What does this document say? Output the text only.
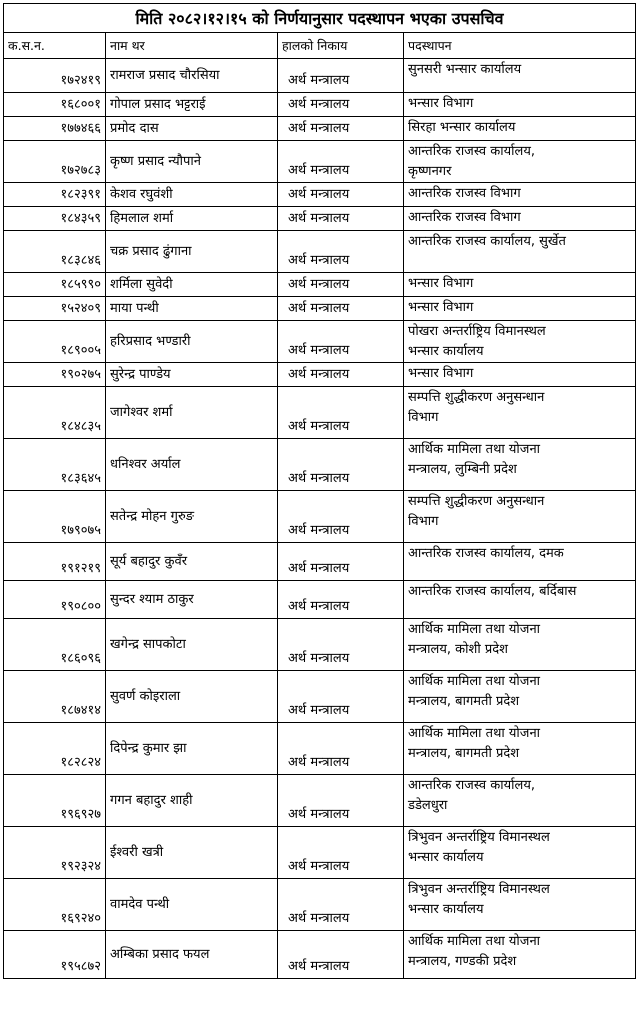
मिति २०८२।१२।१५ को निर्णयानुसार पदस्थापन भएका उपसचिव			
क.स.न.	नाम थर	हालको निकाय	पदस्थापन
१७२४१९	रामराज प्रसाद चौरसिया	अर्थ मन्त्रालय	सुनसरी भन्सार कार्यालय

१६८००१	गोपाल प्रसाद भट्टराई	अर्थ मन्त्रालय	भन्सार विभाग

१७७४६६	प्रमोद दास	अर्थ मन्त्रालय	सिरहा भन्सार कार्यालय

१७२७८३	कृष्ण प्रसाद न्यौपाने	अर्थ मन्त्रालय	आन्तरिक राजस्व कार्यालय,
कृष्णनगर

१८२३९१	केशव रघुवंशी	अर्थ मन्त्रालय	आन्तरिक राजस्व विभाग

१८४३५९	हिमलाल शर्मा	अर्थ मन्त्रालय	आन्तरिक राजस्व विभाग

१८३८४६	चक्र प्रसाद ढुंगाना	अर्थ मन्त्रालय	आन्तरिक राजस्व कार्यालय, सुर्खेत

१८५९९०	शर्मिला सुवेदी	अर्थ मन्त्रालय	भन्सार विभाग

१५२४०९	माया पन्थी	अर्थ मन्त्रालय	भन्सार विभाग

१८९००५	हरिप्रसाद भण्डारी	अर्थ मन्त्रालय	पोखरा अन्तर्राष्ट्रिय विमानस्थल
भन्सार कार्यालय

१९०२७५	सुरेन्द्र पाण्डेय	अर्थ मन्त्रालय	भन्सार विभाग

१८४८३५	जागेश्वर शर्मा	अर्थ मन्त्रालय	सम्पत्ति शुद्धीकरण अनुसन्धान
विभाग

१८३६४५	धनिश्वर अर्याल	अर्थ मन्त्रालय	आर्थिक मामिला तथा योजना
मन्त्रालय, लुम्बिनी प्रदेश

१७९०७५	सतेन्द्र मोहन गुरुङ	अर्थ मन्त्रालय	सम्पत्ति शुद्धीकरण अनुसन्धान
विभाग

१९१२१९	सूर्य बहादुर कुवँर	अर्थ मन्त्रालय	आन्तरिक राजस्व कार्यालय, दमक

१९०८००	सुन्दर श्याम ठाकुर	अर्थ मन्त्रालय	आन्तरिक राजस्व कार्यालय, बर्दिबास

१८६०९६	खगेन्द्र सापकोटा	अर्थ मन्त्रालय	आर्थिक मामिला तथा योजना
मन्त्रालय, कोशी प्रदेश

१८७४१४	सुवर्ण कोइराला	अर्थ मन्त्रालय	आर्थिक मामिला तथा योजना
मन्त्रालय, बागमती प्रदेश

१८२८२४	दिपेन्द्र कुमार झा	अर्थ मन्त्रालय	आर्थिक मामिला तथा योजना
मन्त्रालय, बागमती प्रदेश

१९६९२७	गगन बहादुर शाही	अर्थ मन्त्रालय	आन्तरिक राजस्व कार्यालय,
डडेलधुरा

१९२३२४	ईश्वरी खत्री	अर्थ मन्त्रालय	त्रिभुवन अन्तर्राष्ट्रिय विमानस्थल
भन्सार कार्यालय

१६९२४०	वामदेव पन्थी	अर्थ मन्त्रालय	त्रिभुवन अन्तर्राष्ट्रिय विमानस्थल
भन्सार कार्यालय

१९५८७२	अम्बिका प्रसाद फयल	अर्थ मन्त्रालय	आर्थिक मामिला तथा योजना
मन्त्रालय, गण्डकी प्रदेश
